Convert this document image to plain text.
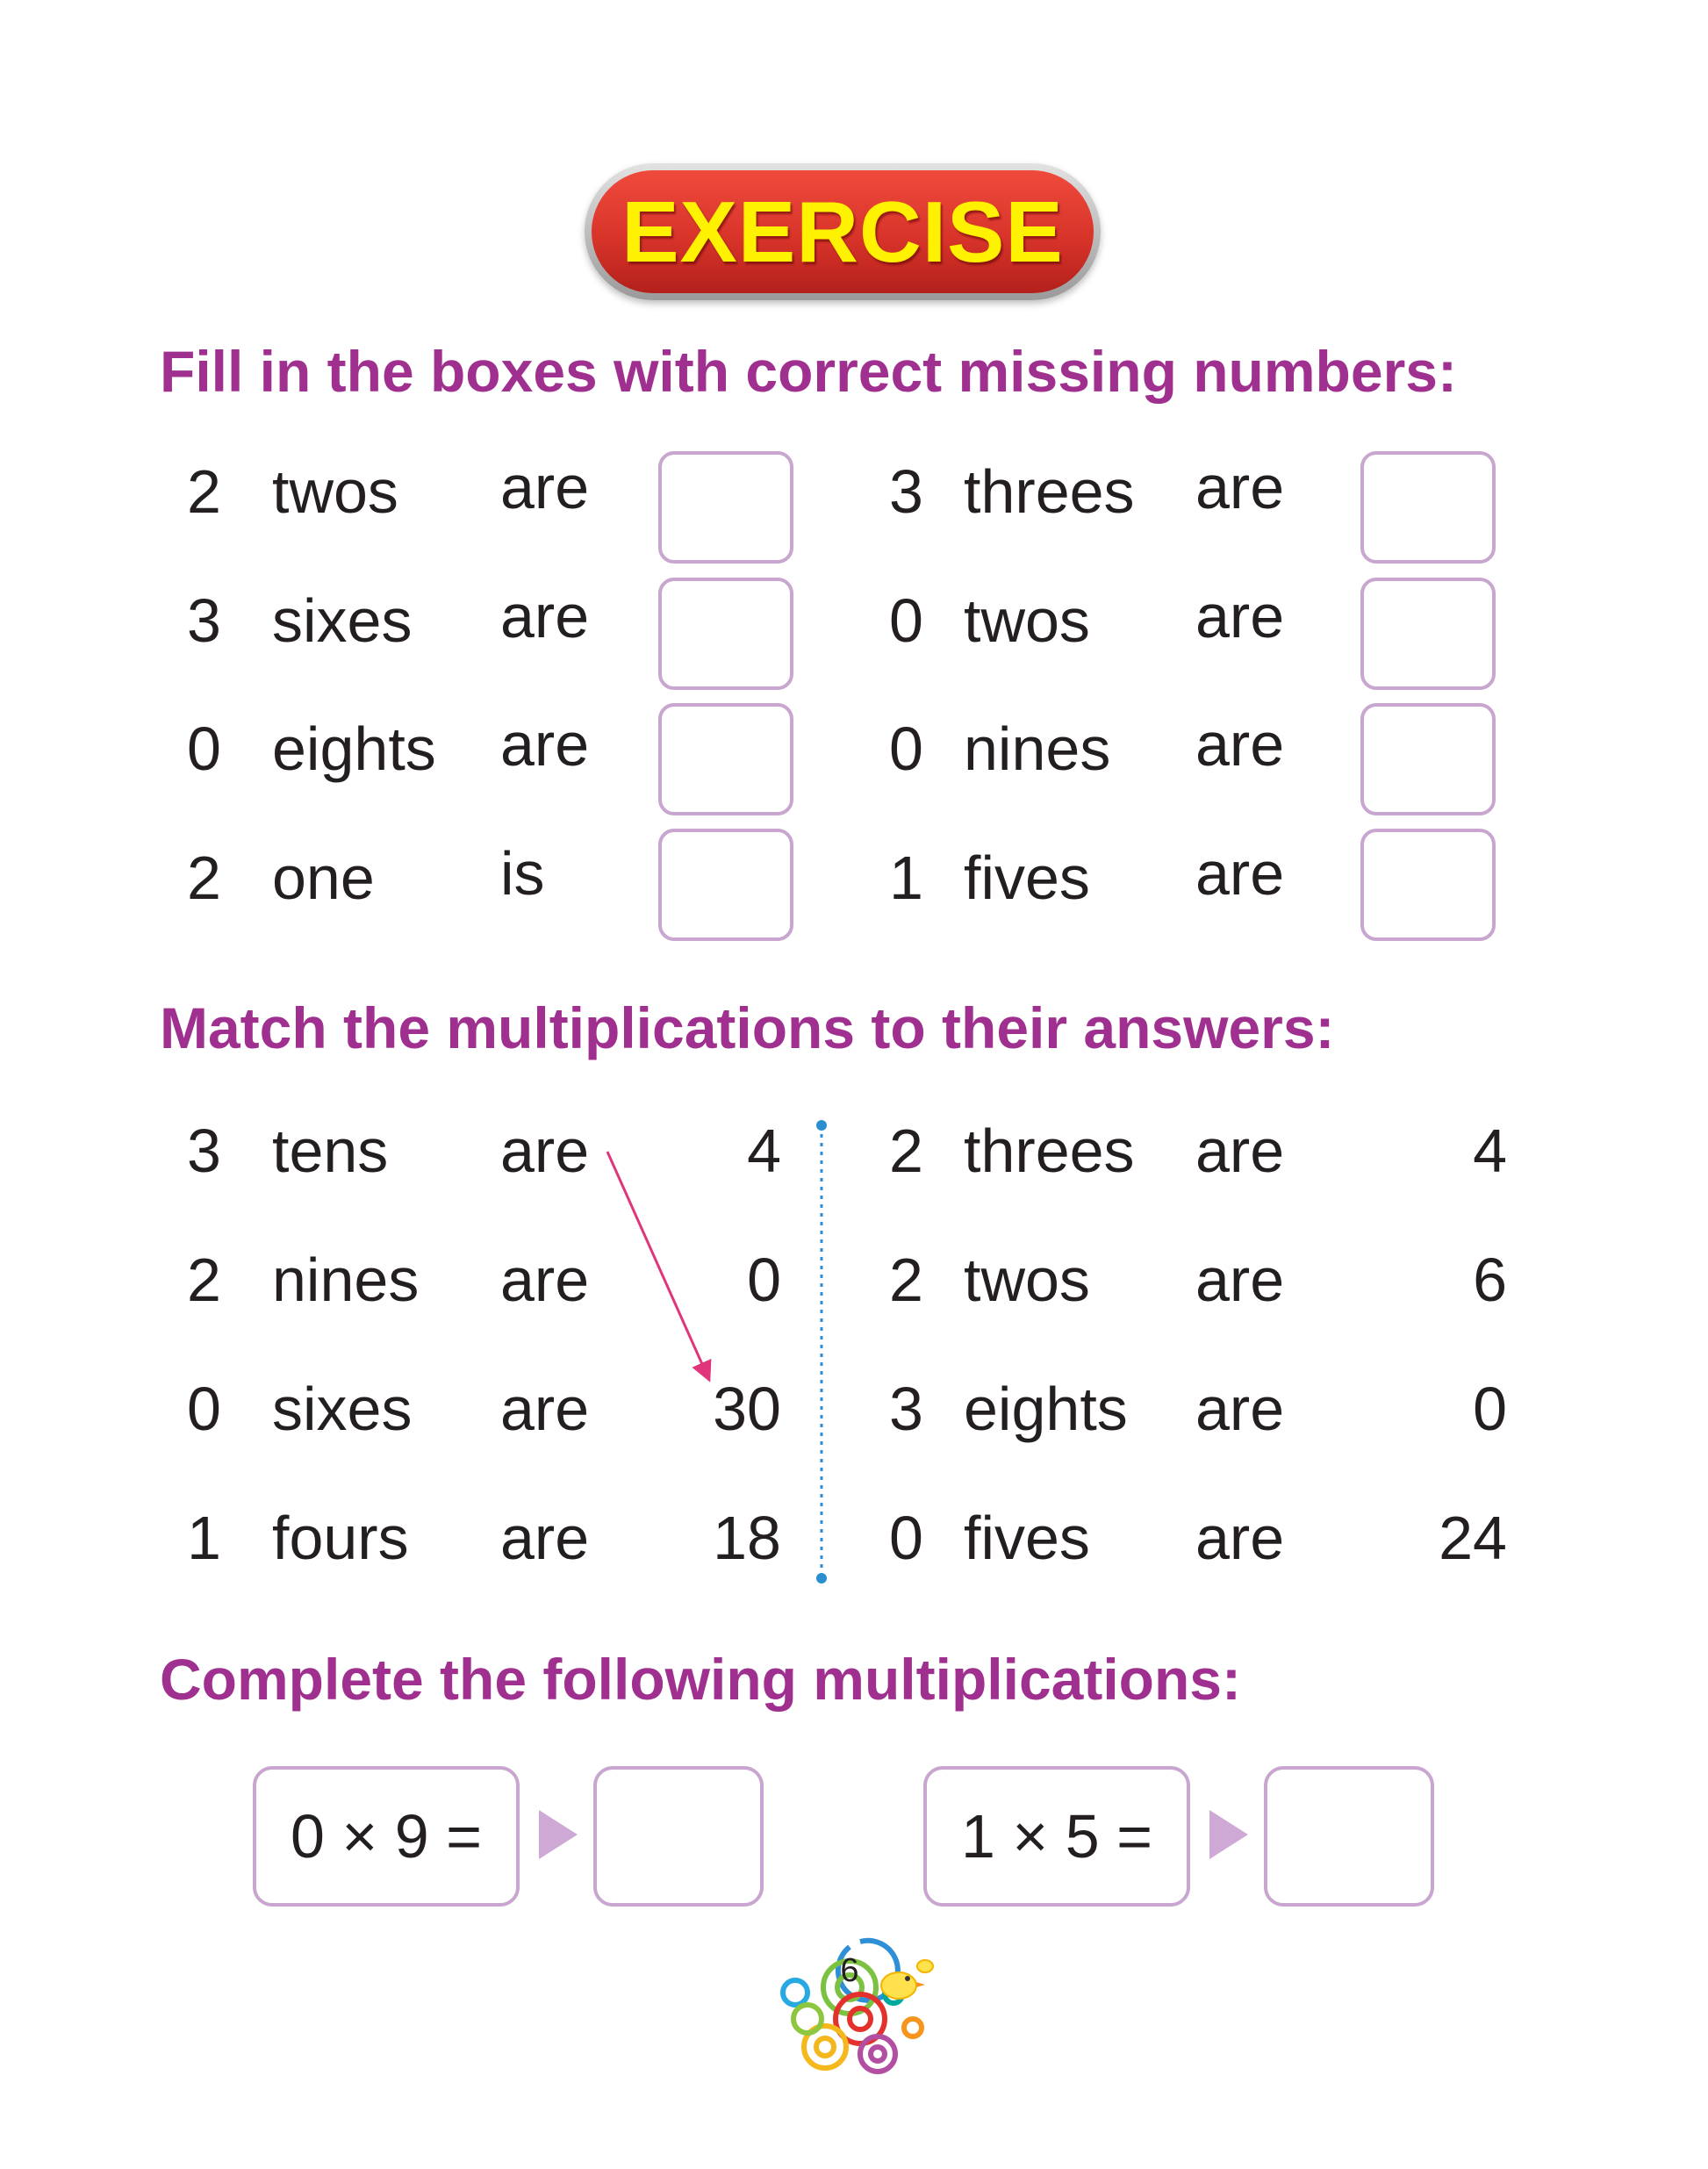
EXERCISE
Fill in the boxes with correct missing numbers:
2 twos are
3 sixes are
0 eights are
2 one is
3 threes are
0 twos are
0 nines are
1 fives are
Match the multiplications to their answers:
3 tens are	4
2 nines are	0
0 sixes are	30
1 fours are	18
2 threes are	4
2 twos are	6
3 eights are	0
0 fives are	24
Complete the following multiplications:
0 × 9 =	1 × 5 =
6
